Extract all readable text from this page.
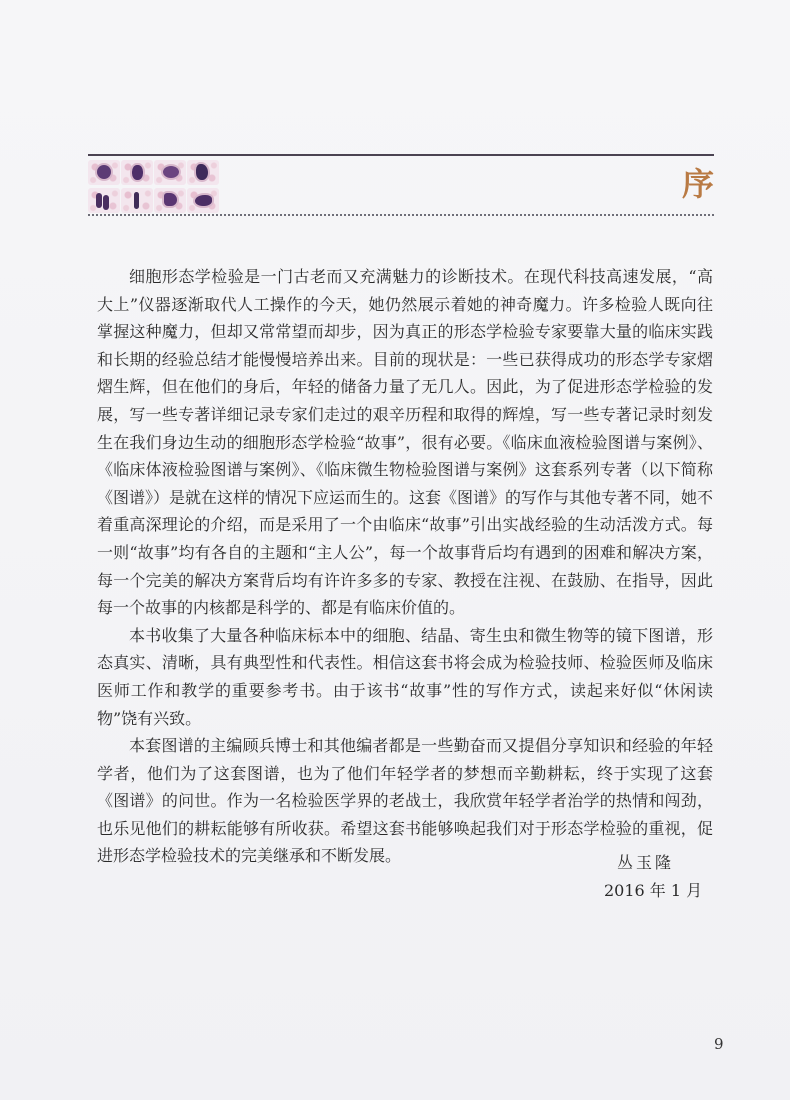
序

细胞形态学检验是一门古老而又充满魅力的诊断技术。在现代科技高速发展，“高大上”仪器逐渐取代人工操作的今天，她仍然展示着她的神奇魔力。许多检验人既向往掌握这种魔力，但却又常常望而却步，因为真正的形态学检验专家要靠大量的临床实践和长期的经验总结才能慢慢培养出来。目前的现状是：一些已获得成功的形态学专家熠熠生辉，但在他们的身后，年轻的储备力量了无几人。因此，为了促进形态学检验的发展，写一些专著详细记录专家们走过的艰辛历程和取得的辉煌，写一些专著记录时刻发生在我们身边生动的细胞形态学检验“故事”，很有必要。《临床血液检验图谱与案例》、《临床体液检验图谱与案例》、《临床微生物检验图谱与案例》这套系列专著（以下简称《图谱》）是就在这样的情况下应运而生的。这套《图谱》的写作与其他专著不同，她不着重高深理论的介绍，而是采用了一个由临床“故事”引出实战经验的生动活泼方式。每一则“故事”均有各自的主题和“主人公”，每一个故事背后均有遇到的困难和解决方案，每一个完美的解决方案背后均有许许多多的专家、教授在注视、在鼓励、在指导，因此每一个故事的内核都是科学的、都是有临床价值的。

本书收集了大量各种临床标本中的细胞、结晶、寄生虫和微生物等的镜下图谱，形态真实、清晰，具有典型性和代表性。相信这套书将会成为检验技师、检验医师及临床医师工作和教学的重要参考书。由于该书“故事”性的写作方式，读起来好似“休闲读物”饶有兴致。

本套图谱的主编顾兵博士和其他编者都是一些勤奋而又提倡分享知识和经验的年轻学者，他们为了这套图谱，也为了他们年轻学者的梦想而辛勤耕耘，终于实现了这套《图谱》的问世。作为一名检验医学界的老战士，我欣赏年轻学者治学的热情和闯劲，也乐见他们的耕耘能够有所收获。希望这套书能够唤起我们对于形态学检验的重视，促进形态学检验技术的完美继承和不断发展。	丛玉隆
2016 年 1 月
9
